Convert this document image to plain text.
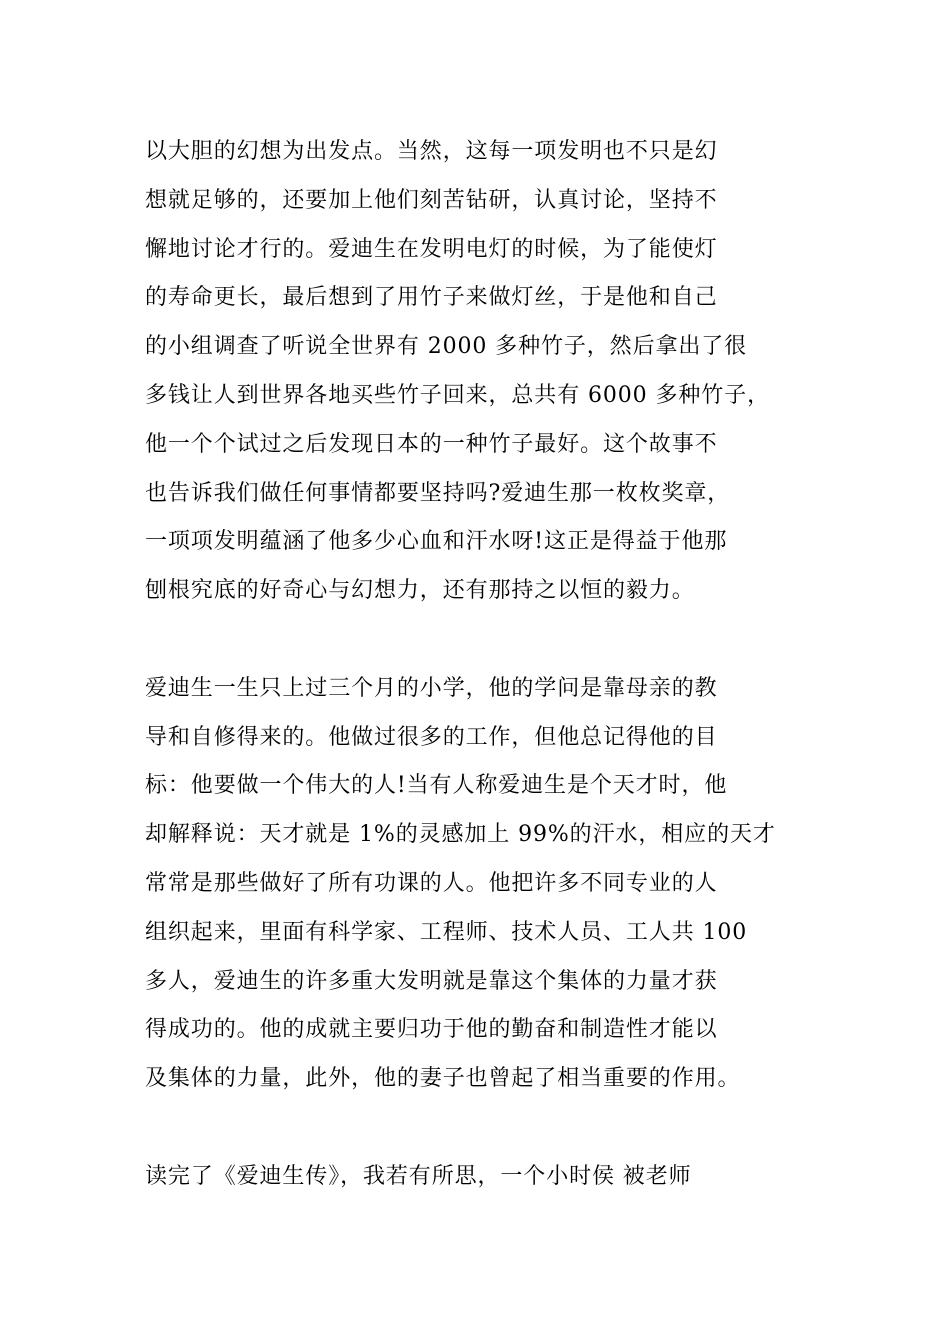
以大胆的幻想为出发点。当然，这每一项发明也不只是幻
想就足够的，还要加上他们刻苦钻研，认真讨论，坚持不
懈地讨论才行的。爱迪生在发明电灯的时候，为了能使灯
的寿命更长，最后想到了用竹子来做灯丝，于是他和自己
的小组调查了听说全世界有 2000 多种竹子，然后拿出了很
多钱让人到世界各地买些竹子回来，总共有 6000 多种竹子，
他一个个试过之后发现日本的一种竹子最好。这个故事不
也告诉我们做任何事情都要坚持吗?爱迪生那一枚枚奖章，
一项项发明蕴涵了他多少心血和汗水呀!这正是得益于他那
刨根究底的好奇心与幻想力，还有那持之以恒的毅力。

爱迪生一生只上过三个月的小学，他的学问是靠母亲的教
导和自修得来的。他做过很多的工作，但他总记得他的目
标：他要做一个伟大的人!当有人称爱迪生是个天才时，他
却解释说：天才就是 1%的灵感加上 99%的汗水，相应的天才
常常是那些做好了所有功课的人。他把许多不同专业的人
组织起来，里面有科学家、工程师、技术人员、工人共 100
多人，爱迪生的许多重大发明就是靠这个集体的力量才获
得成功的。他的成就主要归功于他的勤奋和制造性才能以
及集体的力量，此外，他的妻子也曾起了相当重要的作用。

读完了《爱迪生传》，我若有所思，一个小时侯 被老师
